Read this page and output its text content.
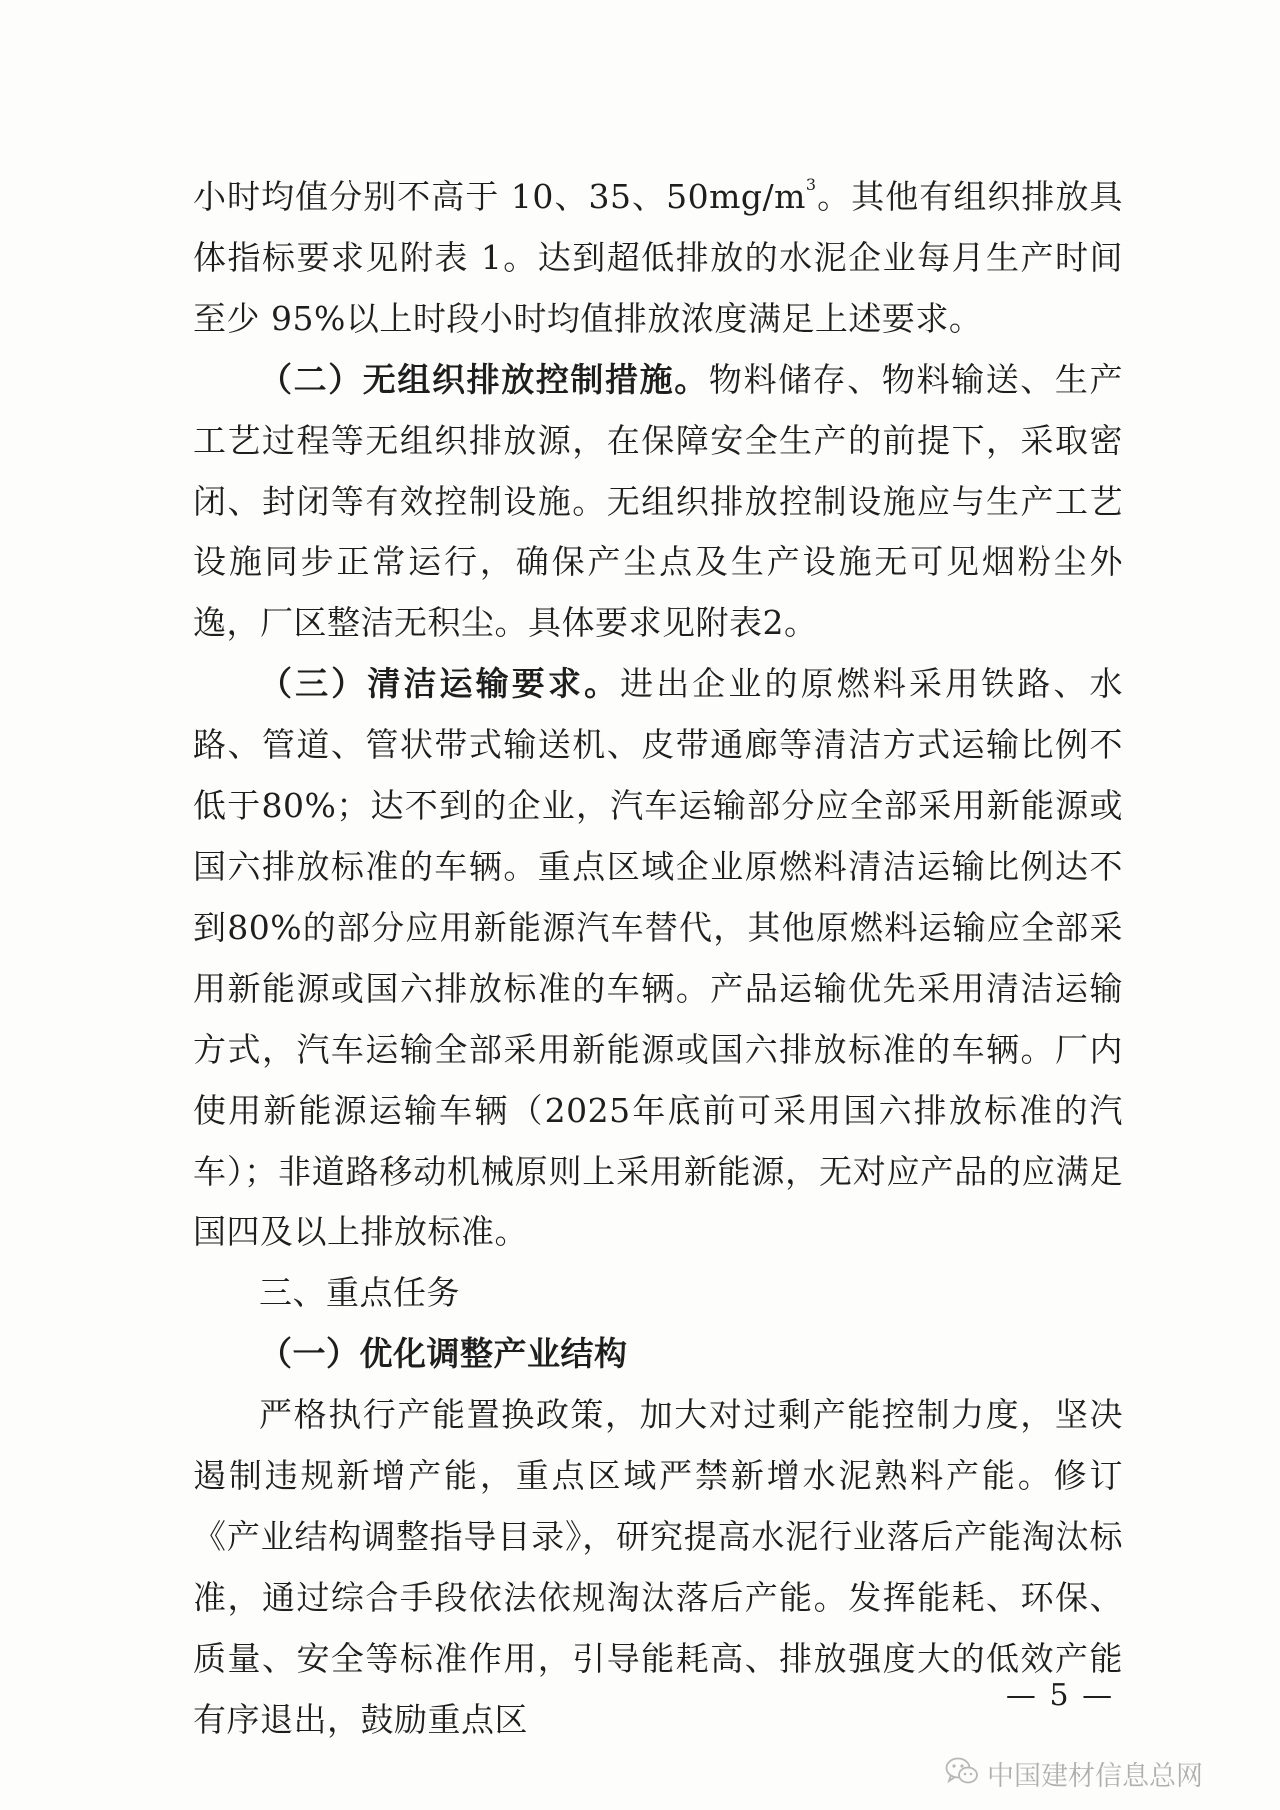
小时均值分别不高于 10、35、$50mg/m^3$。其他有组织排放具体指标要求见附表 1。达到超低排放的水泥企业每月生产时间至少 95%以上时段小时均值排放浓度满足上述要求。

（二）无组织排放控制措施。物料储存、物料输送、生产工艺过程等无组织排放源，在保障安全生产的前提下，采取密闭、封闭等有效控制设施。无组织排放控制设施应与生产工艺设施同步正常运行，确保产尘点及生产设施无可见烟粉尘外逸，厂区整洁无积尘。具体要求见附表2。

（三）清洁运输要求。进出企业的原燃料采用铁路、水路、管道、管状带式输送机、皮带通廊等清洁方式运输比例不低于80%；达不到的企业，汽车运输部分应全部采用新能源或国六排放标准的车辆。重点区域企业原燃料清洁运输比例达不到80%的部分应用新能源汽车替代，其他原燃料运输应全部采用新能源或国六排放标准的车辆。产品运输优先采用清洁运输方式，汽车运输全部采用新能源或国六排放标准的车辆。厂内使用新能源运输车辆（2025年底前可采用国六排放标准的汽车）；非道路移动机械原则上采用新能源，无对应产品的应满足国四及以上排放标准。

三、重点任务

（一）优化调整产业结构

严格执行产能置换政策，加大对过剩产能控制力度，坚决遏制违规新增产能，重点区域严禁新增水泥熟料产能。修订《产业结构调整指导目录》，研究提高水泥行业落后产能淘汰标准，通过综合手段依法依规淘汰落后产能。发挥能耗、环保、质量、安全等标准作用，引导能耗高、排放强度大的低效产能有序退出，鼓励重点区

— 5 —
中国建材信息总网
